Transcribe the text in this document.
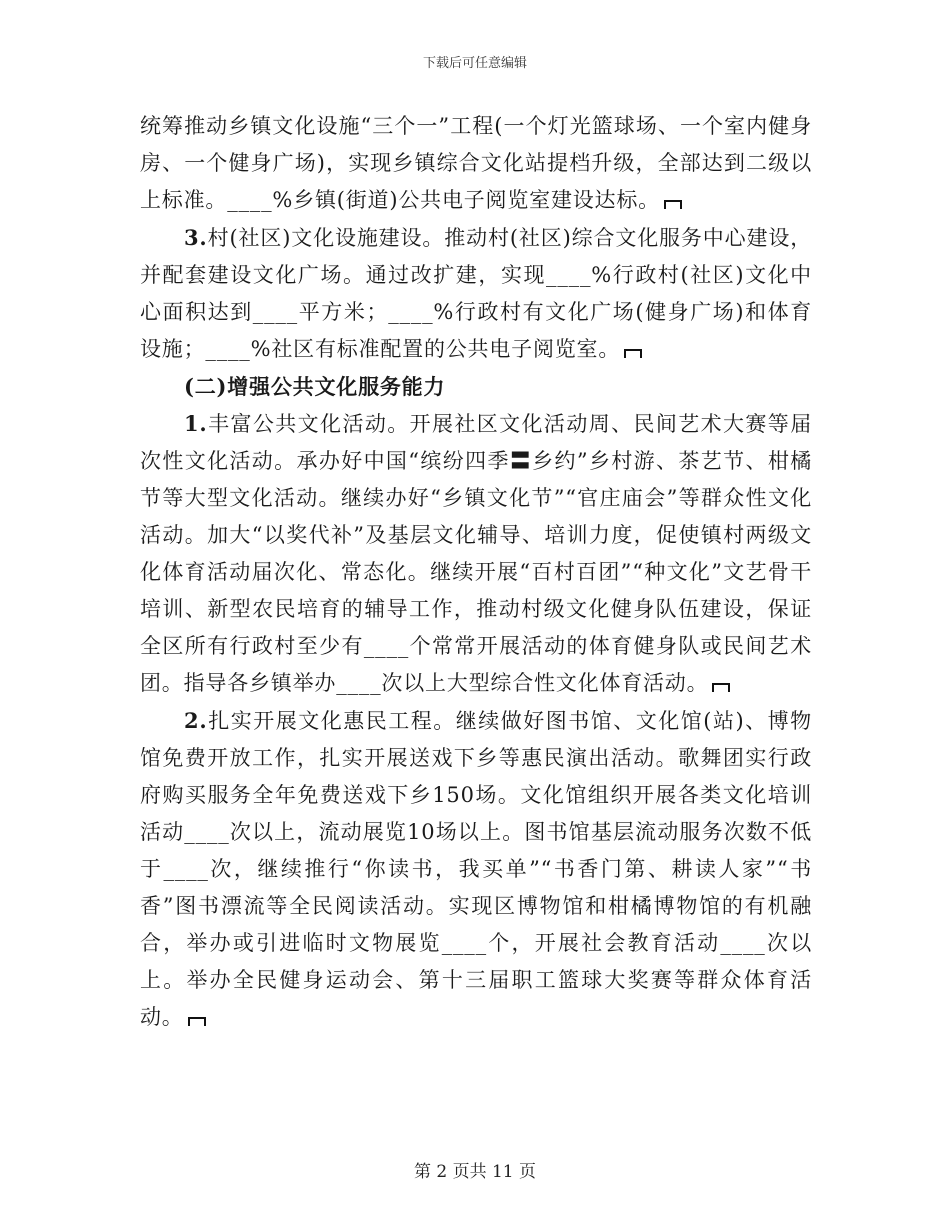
下载后可任意编辑

统筹推动乡镇文化设施“三个一”工程(一个灯光篮球场、一个室内健身房、一个健身广场)，实现乡镇综合文化站提档升级，全部达到二级以上标准。____%乡镇(街道)公共电子阅览室建设达标。

3.村(社区)文化设施建设。推动村(社区)综合文化服务中心建设，并配套建设文化广场。通过改扩建，实现____%行政村(社区)文化中心面积达到____平方米；____%行政村有文化广场(健身广场)和体育设施；____%社区有标准配置的公共电子阅览室。

(二)增强公共文化服务能力

1.丰富公共文化活动。开展社区文化活动周、民间艺术大赛等届次性文化活动。承办好中国“缤纷四季〓乡约”乡村游、茶艺节、柑橘节等大型文化活动。继续办好“乡镇文化节”“官庄庙会”等群众性文化活动。加大“以奖代补”及基层文化辅导、培训力度，促使镇村两级文化体育活动届次化、常态化。继续开展“百村百团”“种文化”文艺骨干培训、新型农民培育的辅导工作，推动村级文化健身队伍建设，保证全区所有行政村至少有____个常常开展活动的体育健身队或民间艺术团。指导各乡镇举办____次以上大型综合性文化体育活动。

2.扎实开展文化惠民工程。继续做好图书馆、文化馆(站)、博物馆免费开放工作，扎实开展送戏下乡等惠民演出活动。歌舞团实行政府购买服务全年免费送戏下乡150场。文化馆组织开展各类文化培训活动____次以上，流动展览10场以上。图书馆基层流动服务次数不低于____次，继续推行“你读书，我买单”“书香门第、耕读人家”“书香”图书漂流等全民阅读活动。实现区博物馆和柑橘博物馆的有机融合，举办或引进临时文物展览____个，开展社会教育活动____次以上。举办全民健身运动会、第十三届职工篮球大奖赛等群众体育活动。

第 2 页共 11 页
